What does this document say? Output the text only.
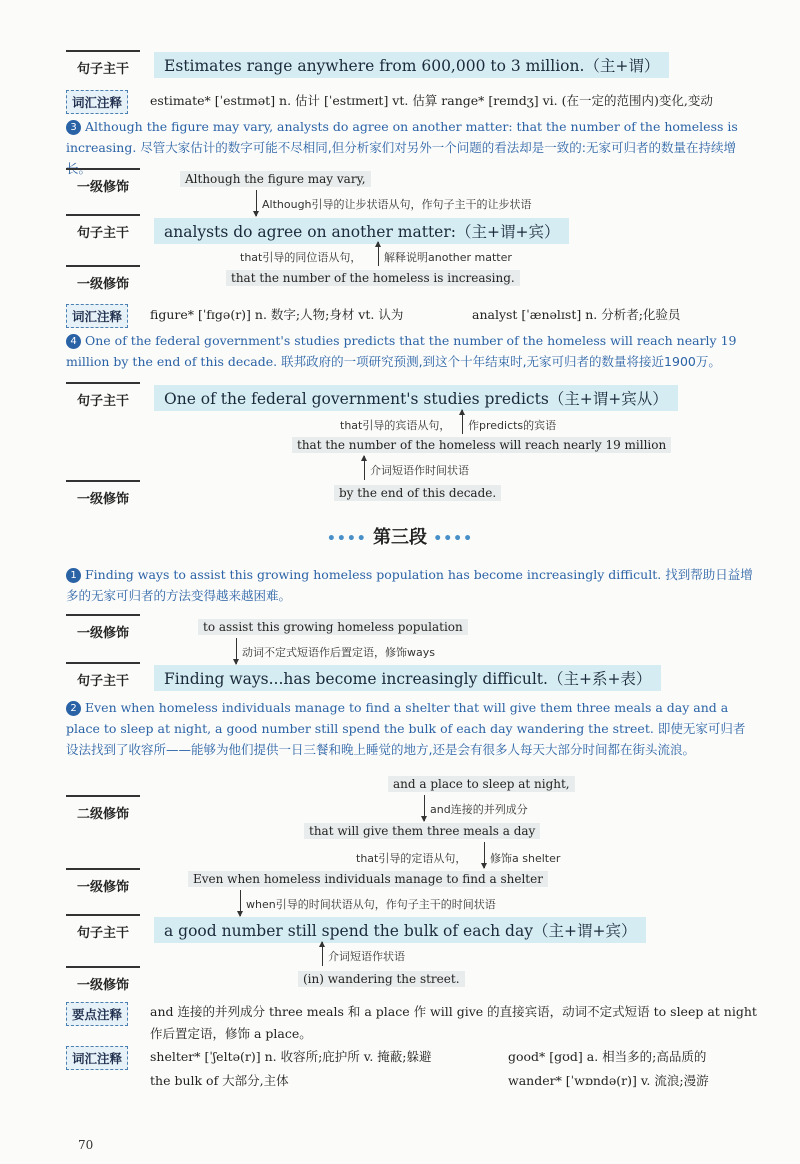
句子主干	Estimates range anywhere from 600,000 to 3 million.（主+谓）
词汇注释	estimate* [ˈestɪmət] n. 估计 [ˈestɪmeɪt] vt. 估算 range* [reɪndʒ] vi. (在一定的范围内)变化,变动
3 Although the figure may vary, analysts do agree on another matter: that the number of the homeless is increasing. 尽管大家估计的数字可能不尽相同,但分析家们对另外一个问题的看法却是一致的:无家可归者的数量在持续增长。
一级修饰
Although the figure may vary,
Although引导的让步状语从句，作句子主干的让步状语
句子主干	analysts do agree on another matter:（主+谓+宾）
that引导的同位语从句， 解释说明another matter
一级修饰	that the number of the homeless is increasing.
词汇注释	figure* [ˈfɪgə(r)] n. 数字;人物;身材 vt. 认为	analyst [ˈænəlɪst] n. 分析者;化验员
4 One of the federal government's studies predicts that the number of the homeless will reach nearly 19 million by the end of this decade. 联邦政府的一项研究预测,到这个十年结束时,无家可归者的数量将接近1900万。
句子主干	One of the federal government's studies predicts（主+谓+宾从）
that引导的宾语从句， 作predicts的宾语
that the number of the homeless will reach nearly 19 million
介词短语作时间状语
一级修饰	by the end of this decade.
•••• 第三段 ••••
1 Finding ways to assist this growing homeless population has become increasingly difficult. 找到帮助日益增多的无家可归者的方法变得越来越困难。
一级修饰	to assist this growing homeless population
动词不定式短语作后置定语，修饰ways
句子主干	Finding ways...has become increasingly difficult.（主+系+表）
2 Even when homeless individuals manage to find a shelter that will give them three meals a day and a place to sleep at night, a good number still spend the bulk of each day wandering the street. 即使无家可归者设法找到了收容所——能够为他们提供一日三餐和晚上睡觉的地方,还是会有很多人每天大部分时间都在街头流浪。
and a place to sleep at night,
and连接的并列成分
二级修饰
that will give them three meals a day
that引导的定语从句， 修饰a shelter
一级修饰
Even when homeless individuals manage to find a shelter
when引导的时间状语从句，作句子主干的时间状语
句子主干	a good number still spend the bulk of each day（主+谓+宾）
介词短语作状语
一级修饰	(in) wandering the street.
要点注释	and 连接的并列成分 three meals 和 a place 作 will give 的直接宾语，动词不定式短语 to sleep at night 作后置定语，修饰 a place。
词汇注释	shelter* [ˈʃeltə(r)] n. 收容所;庇护所 v. 掩蔽;躲避	good* [gʊd] a. 相当多的;高品质的
the bulk of 大部分,主体	wander* [ˈwɒndə(r)] v. 流浪;漫游
70
